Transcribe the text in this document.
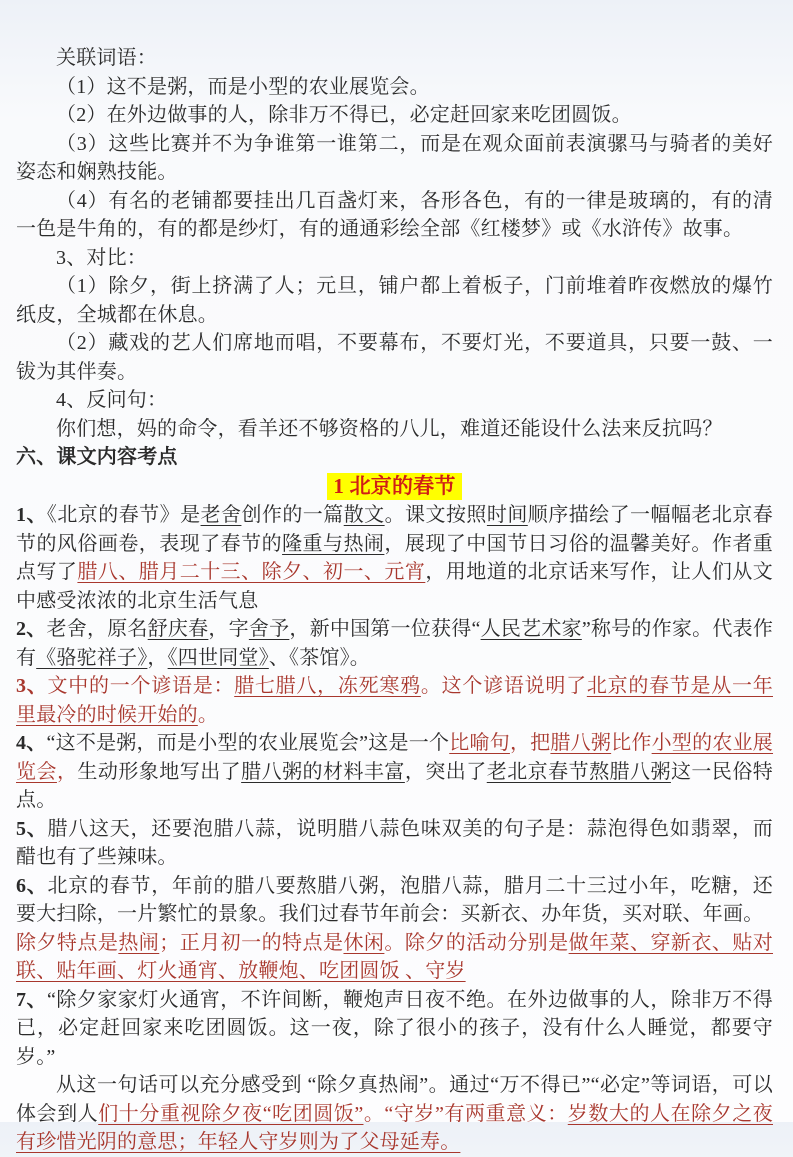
关联词语：

（1）这不是粥，而是小型的农业展览会。

（2）在外边做事的人，除非万不得已，必定赶回家来吃团圆饭。

（3）这些比赛并不为争谁第一谁第二，而是在观众面前表演骡马与骑者的美好姿态和娴熟技能。

（4）有名的老铺都要挂出几百盏灯来，各形各色，有的一律是玻璃的，有的清一色是牛角的，有的都是纱灯，有的通通彩绘全部《红楼梦》或《水浒传》故事。

3、对比：

（1）除夕，街上挤满了人；元旦，铺户都上着板子，门前堆着昨夜燃放的爆竹纸皮，全城都在休息。

（2）藏戏的艺人们席地而唱，不要幕布，不要灯光，不要道具，只要一鼓、一钹为其伴奏。

4、反问句：

你们想，妈的命令，看羊还不够资格的八儿，难道还能设什么法来反抗吗？

六、课文内容考点

1 北京的春节

1、《北京的春节》是老舍创作的一篇散文。课文按照时间顺序描绘了一幅幅老北京春节的风俗画卷，表现了春节的隆重与热闹，展现了中国节日习俗的温馨美好。作者重点写了腊八、腊月二十三、除夕、初一、元宵，用地道的北京话来写作，让人们从文中感受浓浓的北京生活气息

2、老舍，原名舒庆春，字舍予，新中国第一位获得“人民艺术家”称号的作家。代表作有《骆驼祥子》，《四世同堂》、《茶馆》。

3、文中的一个谚语是：腊七腊八，冻死寒鸦。这个谚语说明了北京的春节是从一年里最冷的时候开始的。

4、“这不是粥，而是小型的农业展览会”这是一个比喻句，把腊八粥比作小型的农业展览会，生动形象地写出了腊八粥的材料丰富，突出了老北京春节熬腊八粥这一民俗特点。

5、腊八这天，还要泡腊八蒜，说明腊八蒜色味双美的句子是：蒜泡得色如翡翠，而醋也有了些辣味。

6、北京的春节，年前的腊八要熬腊八粥，泡腊八蒜，腊月二十三过小年，吃糖，还要大扫除，一片繁忙的景象。我们过春节年前会：买新衣、办年货，买对联、年画。

除夕特点是热闹；正月初一的特点是休闲。除夕的活动分别是做年菜、穿新衣、贴对联、贴年画、灯火通宵、放鞭炮、吃团圆饭 、守岁

7、“除夕家家灯火通宵，不许间断，鞭炮声日夜不绝。在外边做事的人，除非万不得已，必定赶回家来吃团圆饭。这一夜，除了很小的孩子，没有什么人睡觉，都要守岁。”

从这一句话可以充分感受到 “除夕真热闹”。通过“万不得已”“必定”等词语，可以体会到人们十分重视除夕夜“吃团圆饭”。“守岁”有两重意义：岁数大的人在除夕之夜有珍惜光阴的意思；年轻人守岁则为了父母延寿。
